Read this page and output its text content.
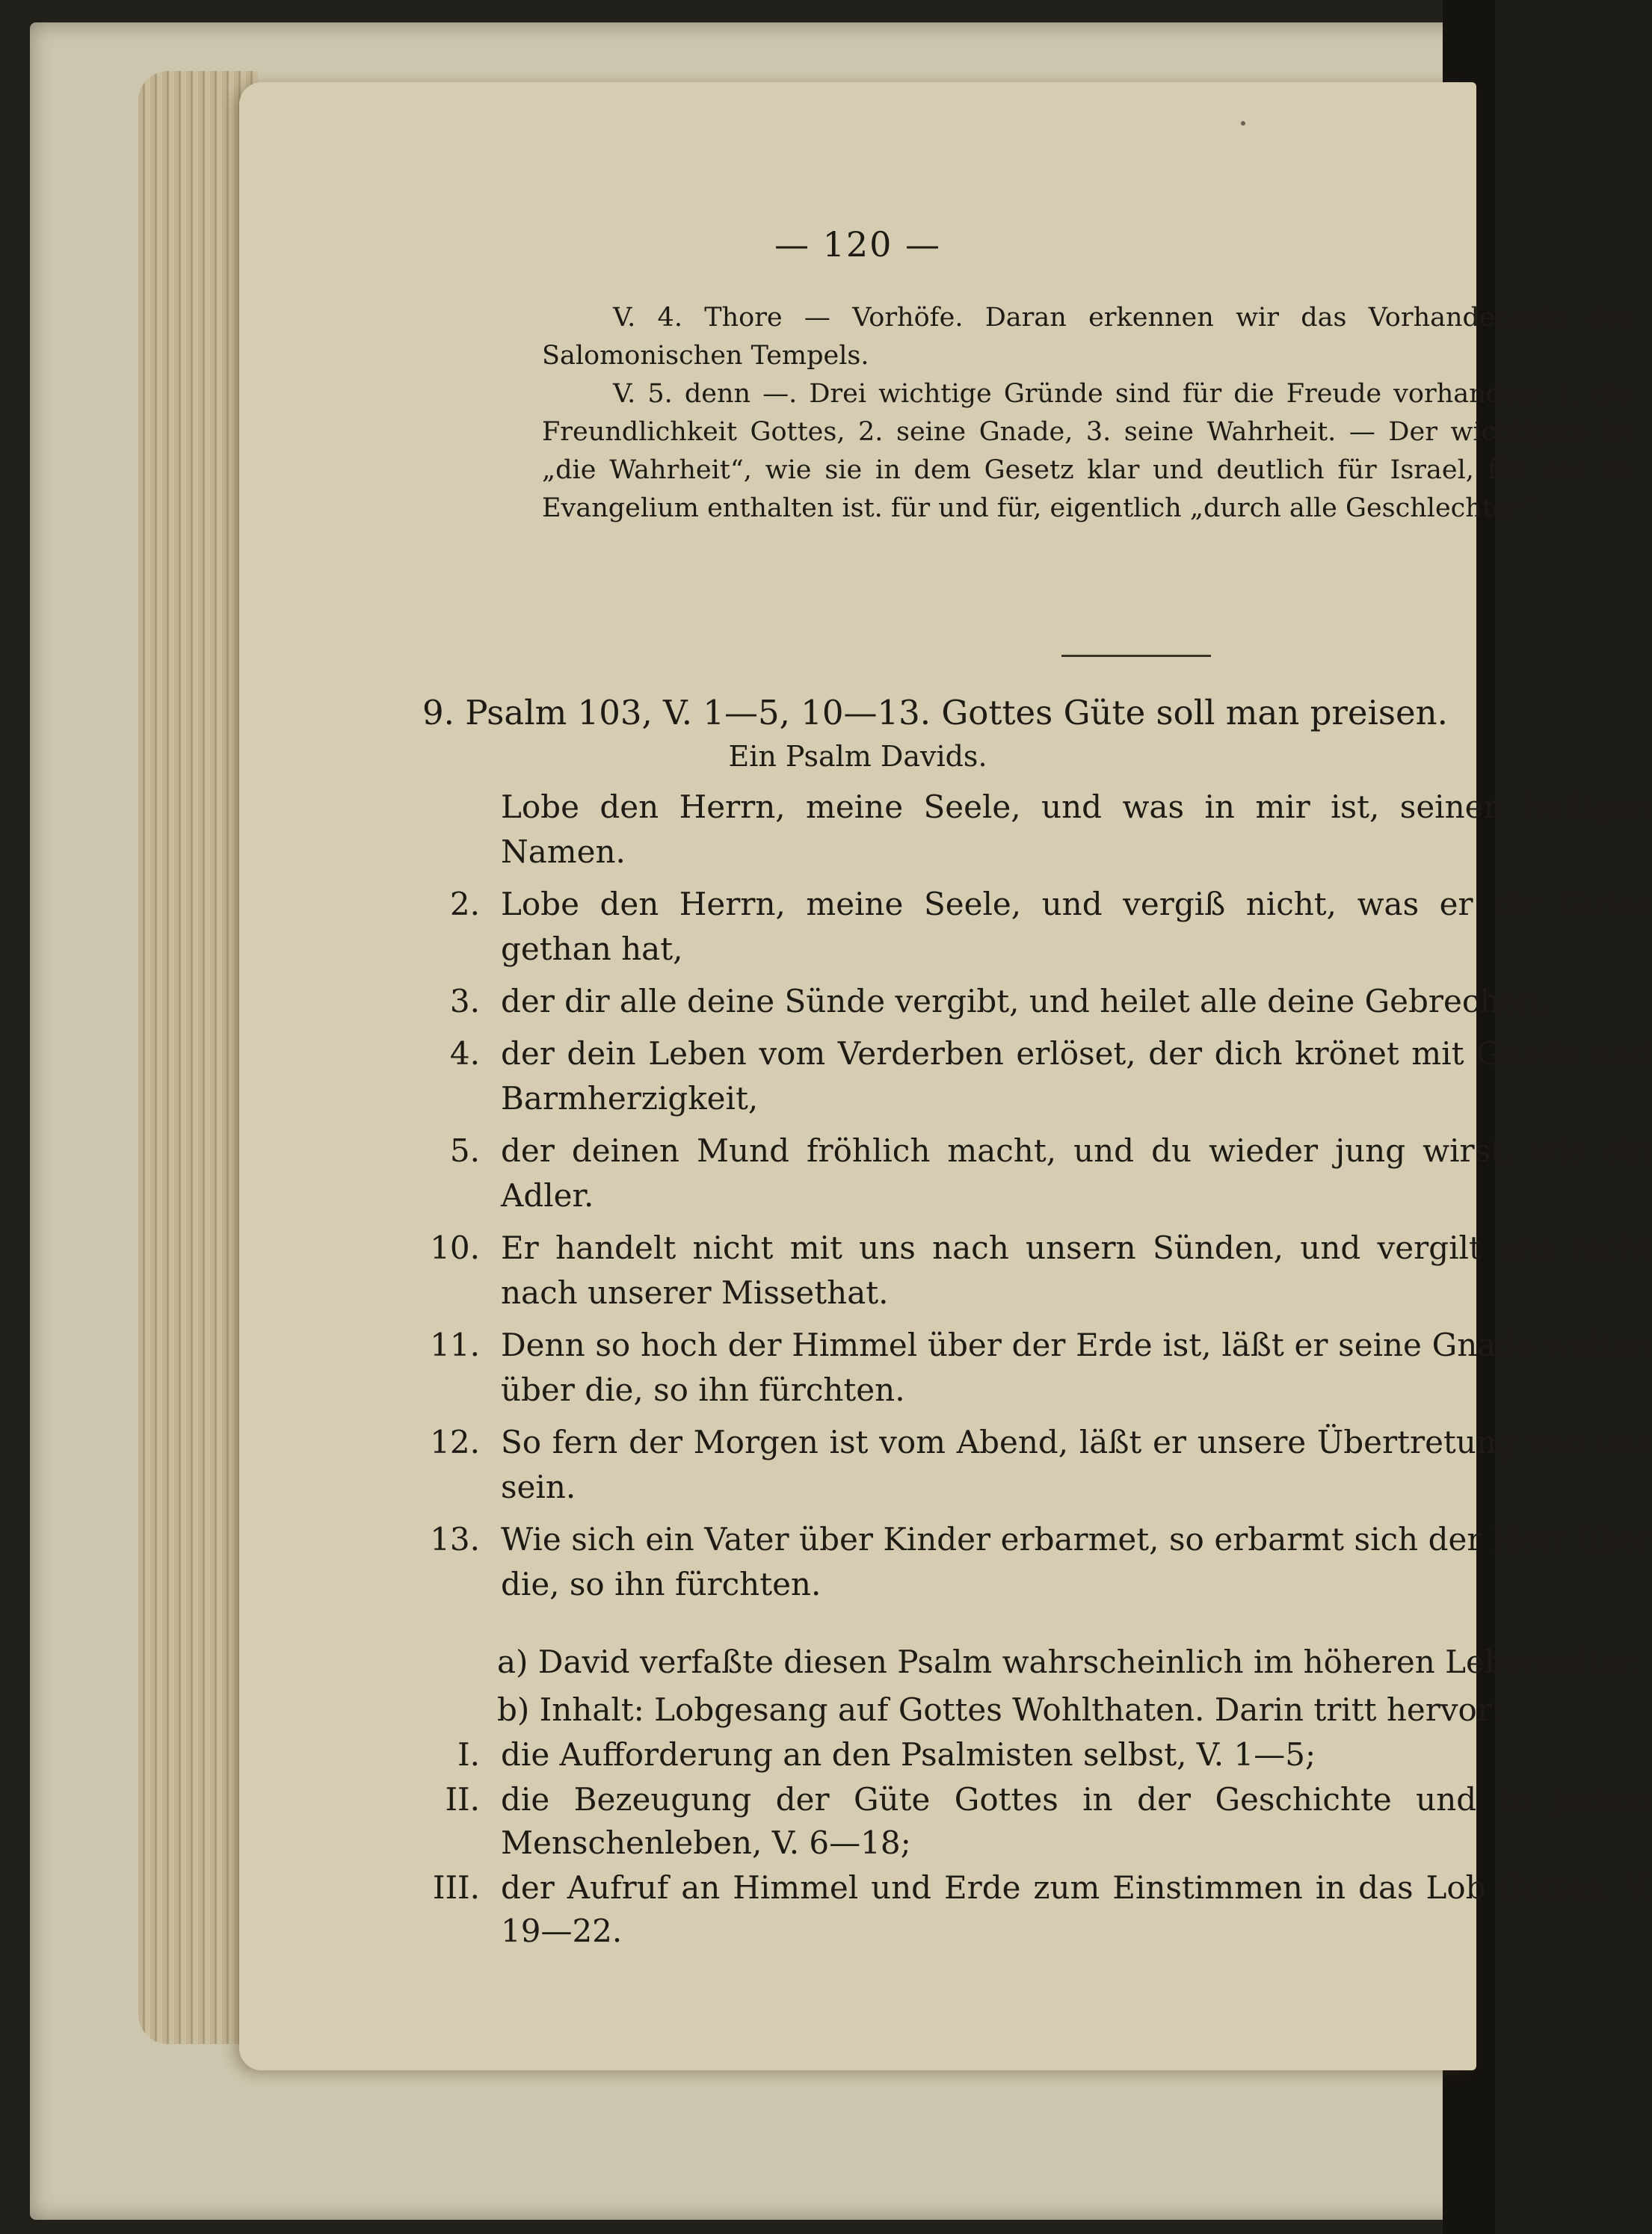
— 120 —

V. 4. Thore — Vorhöfe. Daran erkennen wir das Vorhandensein des Salomonischen Tempels.

V. 5. denn —. Drei wichtige Gründe sind für die Freude vorhanden: 1. die Freundlichkeit Gottes, 2. seine Gnade, 3. seine Wahrheit. — Der wichtigste ist „die Wahrheit“, wie sie in dem Gesetz klar und deutlich für Israel, für uns im Evangelium enthalten ist. für und für, eigentlich „durch alle Geschlechter“.

9. Psalm 103, V. 1—5, 10—13. Gottes Güte soll man preisen.
Ein Psalm Davids.
Lobe den Herrn, meine Seele, und was in mir ist, seinen heiligen Namen.
2. Lobe den Herrn, meine Seele, und vergiß nicht, was er dir Gutes gethan hat,
3. der dir alle deine Sünde vergibt, und heilet alle deine Gebrechen,
4. der dein Leben vom Verderben erlöset, der dich krönet mit Gnade und Barmherzigkeit,
5. der deinen Mund fröhlich macht, und du wieder jung wirst, wie ein Adler.
10. Er handelt nicht mit uns nach unsern Sünden, und vergilt uns nicht nach unserer Missethat.
11. Denn so hoch der Himmel über der Erde ist, läßt er seine Gnade walten über die, so ihn fürchten.
12. So fern der Morgen ist vom Abend, läßt er unsere Übertretung von uns sein.
13. Wie sich ein Vater über Kinder erbarmet, so erbarmt sich der Herr über die, so ihn fürchten.

a) David verfaßte diesen Psalm wahrscheinlich im höheren Lebensalter.

b) Inhalt: Lobgesang auf Gottes Wohlthaten. Darin tritt hervor:

I. die Aufforderung an den Psalmisten selbst, V. 1—5;
II. die Bezeugung der Güte Gottes in der Geschichte und in jedem Menschenleben, V. 6—18;
III. der Aufruf an Himmel und Erde zum Einstimmen in das Lob Gottes, V. 19—22.
